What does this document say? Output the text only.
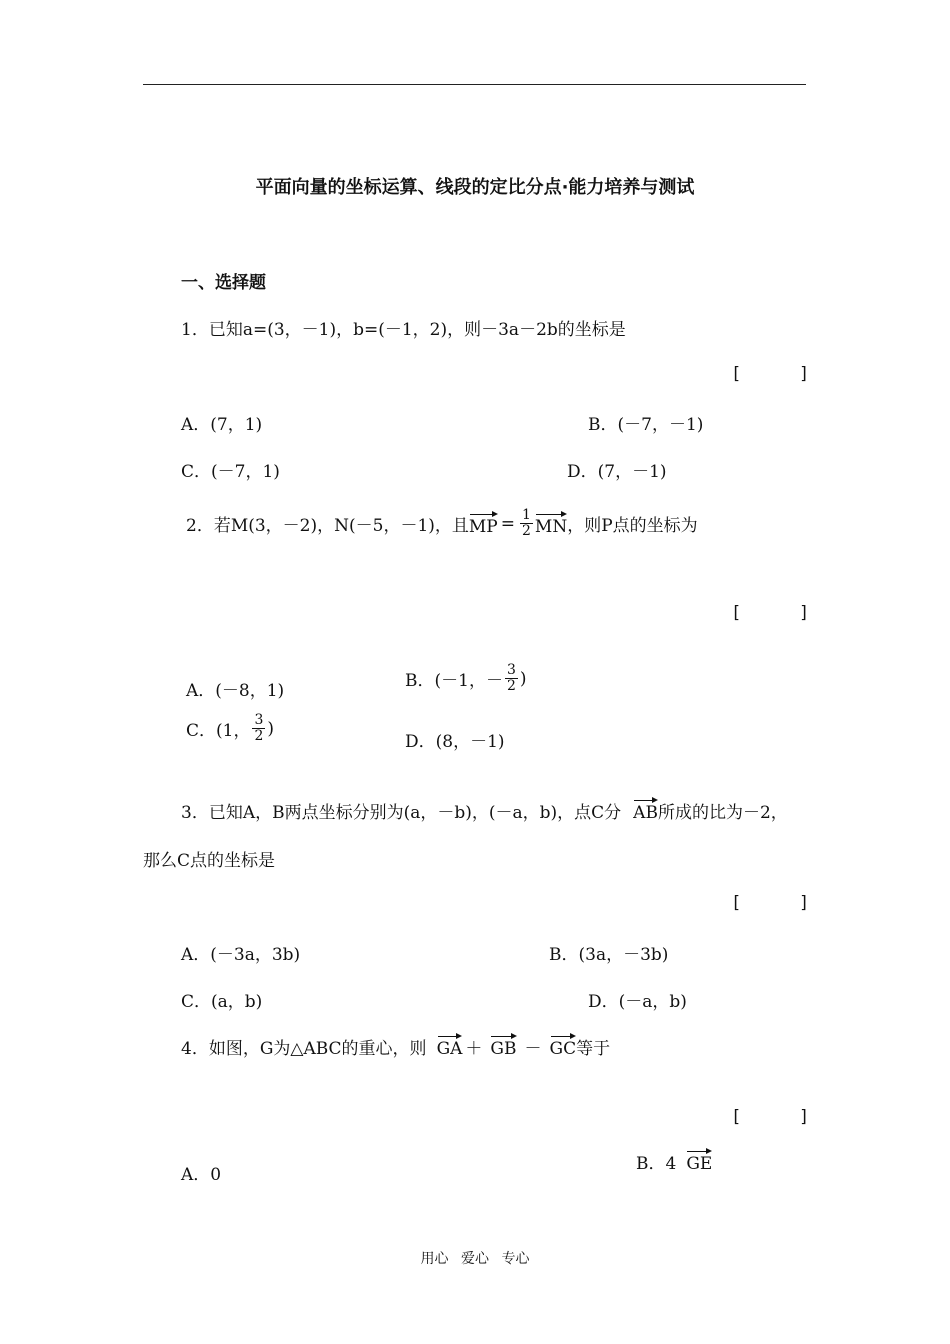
平面向量的坐标运算、线段的定比分点·能力培养与测试
一、选择题
1．已知a=(3，－1)，b=(－1，2)，则－3a－2b的坐标是
[	]
A．(7，1)	B．(－7，－1)
C．(－7，1)	D．(7，－1)
2．若M(3，－2)，N(－5，－1)，且 MP = $\frac{1}{2}$ MN ，则P点的坐标为
[	]
A．(－8，1)	B．(－1，－ $\frac{3}{2}$ )
C．(1， $\frac{3}{2}$ )
D．(8，－1)
3．已知A，B两点坐标分别为(a，－b)，(－a，b)，点C分 AB 所成的比为－2，
那么C点的坐标是
[	]
A．(－3a，3b)	B．(3a，－3b)
C．(a，b)	D．(－a，b)
4．如图，G为△ABC的重心，则 GA ＋ GB － GC 等于
[	]
A．0
B．4 GE
用心 爱心 专心
